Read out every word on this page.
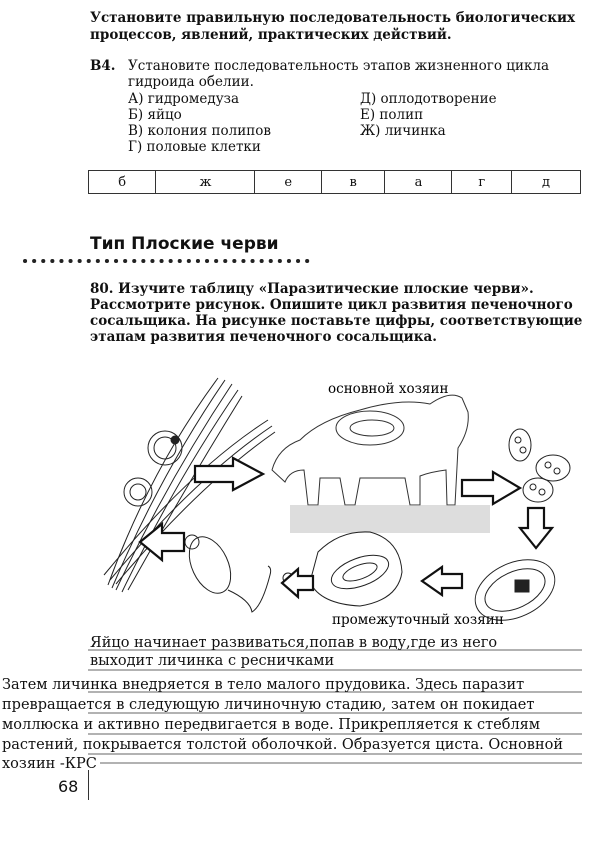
Установите правильную последовательность биологических процессов, явлений, практических действий.
В4. Установите последовательность этапов жизненного цикла гидроида обелии.
А) гидромедуза
Б) яйцо
В) колония полипов
Г) половые клетки
Д) оплодотворение
Е) полип
Ж) личинка
б	ж	е	в	а	г	д
Тип Плоские черви
80. Изучите таблицу «Паразитические плоские черви». Рассмотрите рисунок. Опишите цикл развития печеночного сосальщика. На рисунке поставьте цифры, соответствующие этапам развития печеночного сосальщика.
основной хозяин
промежуточный хозяин
Яйцо начинает развиваться,попав в воду,где из него
выходит личинка с ресничками
Затем личинка внедряется в тело малого прудовика. Здесь паразит
превращается в следующую личиночную стадию, затем он покидает
моллюска и активно передвигается в воде. Прикрепляется к стеблям
растений, покрывается толстой оболочкой. Образуется циста. Основной
хозяин -КРС
68
